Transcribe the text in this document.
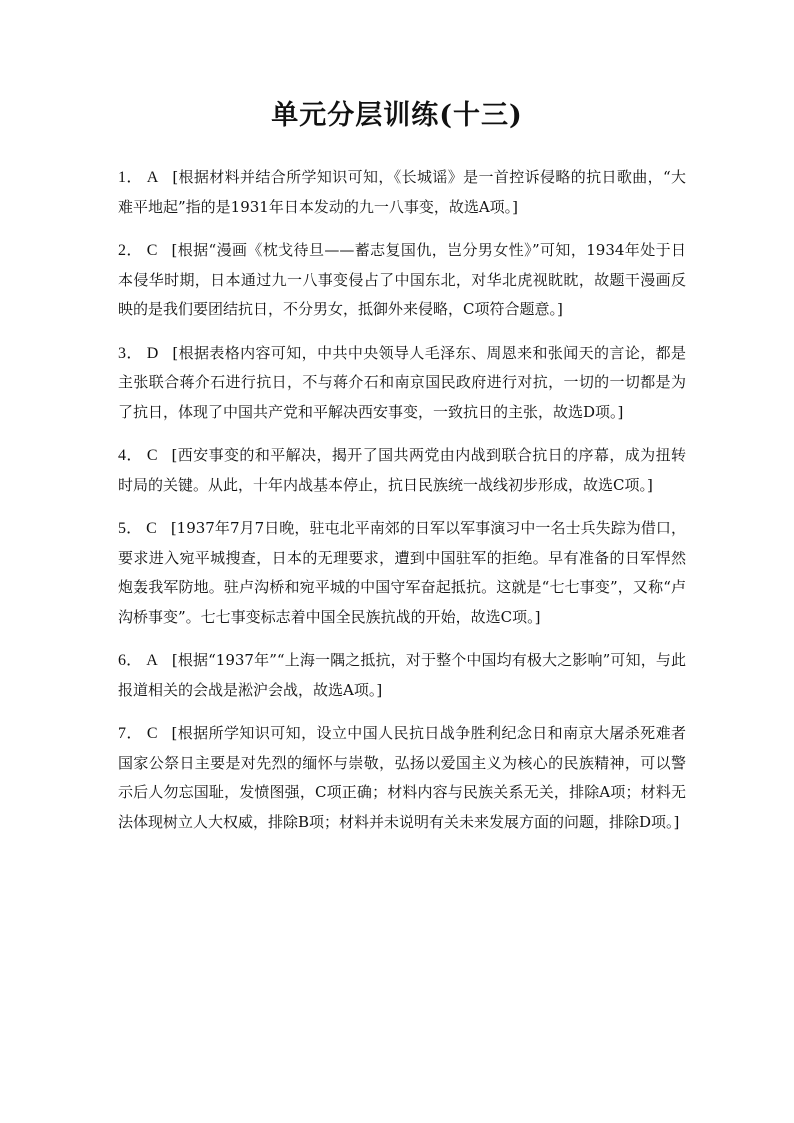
单元分层训练(十三)
1． A [根据材料并结合所学知识可知，《长城谣》是一首控诉侵略的抗日歌曲，“大难平地起”指的是1931年日本发动的九一八事变，故选A项。]
2． C [根据“漫画《枕戈待旦——蓄志复国仇，岂分男女性》”可知，1934年处于日本侵华时期，日本通过九一八事变侵占了中国东北，对华北虎视眈眈，故题干漫画反映的是我们要团结抗日，不分男女，抵御外来侵略，C项符合题意。]
3． D [根据表格内容可知，中共中央领导人毛泽东、周恩来和张闻天的言论，都是主张联合蒋介石进行抗日，不与蒋介石和南京国民政府进行对抗，一切的一切都是为了抗日，体现了中国共产党和平解决西安事变，一致抗日的主张，故选D项。]
4． C [西安事变的和平解决，揭开了国共两党由内战到联合抗日的序幕，成为扭转时局的关键。从此，十年内战基本停止，抗日民族统一战线初步形成，故选C项。]
5． C [1937年7月7日晚，驻屯北平南郊的日军以军事演习中一名士兵失踪为借口，要求进入宛平城搜查，日本的无理要求，遭到中国驻军的拒绝。早有准备的日军悍然炮轰我军防地。驻卢沟桥和宛平城的中国守军奋起抵抗。这就是“七七事变”，又称“卢沟桥事变”。七七事变标志着中国全民族抗战的开始，故选C项。]
6． A [根据“1937年”“上海一隅之抵抗，对于整个中国均有极大之影响”可知，与此报道相关的会战是淞沪会战，故选A项。]
7． C [根据所学知识可知，设立中国人民抗日战争胜利纪念日和南京大屠杀死难者国家公祭日主要是对先烈的缅怀与崇敬，弘扬以爱国主义为核心的民族精神，可以警示后人勿忘国耻，发愤图强，C项正确；材料内容与民族关系无关，排除A项；材料无法体现树立人大权威，排除B项；材料并未说明有关未来发展方面的问题，排除D项。]
